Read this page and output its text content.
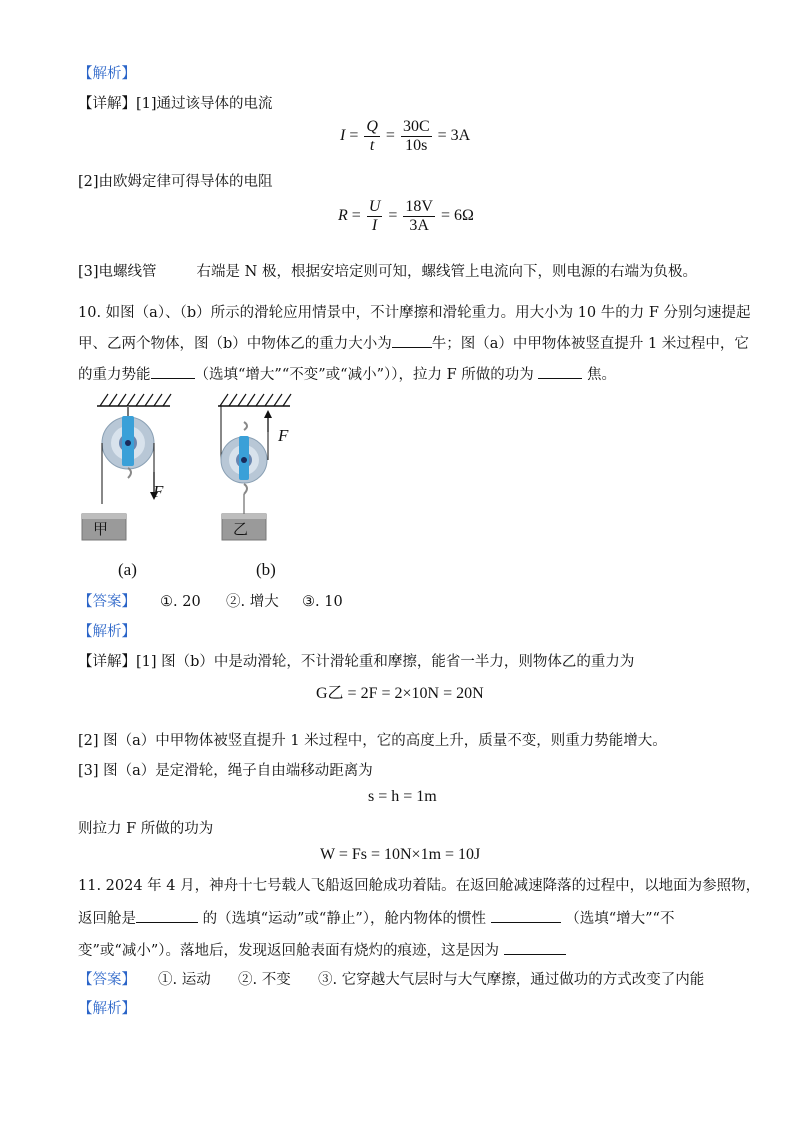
【解析】
【详解】[1]通过该导体的电流
$I = \frac{Q}{t} = \frac{30C}{10s} = 3A$
[2]由欧姆定律可得导体的电阻
$R = \frac{U}{I} = \frac{18V}{3A} = 6\Omega$
[3]电螺线管	右端是 N 极，根据安培定则可知，螺线管上电流向下，则电源的右端为负极。
10. 如图（a）、（b）所示的滑轮应用情景中，不计摩擦和滑轮重力。用大小为 10 牛的力 F 分别匀速提起
甲、乙两个物体，图（b）中物体乙的重力大小为	牛；图（a）中甲物体被竖直提升 1 米过程中，它
的重力势能	（选填“增大”“不变”或“减小”）），拉力 F 所做的功为	焦。
F
F
甲	乙
(a)	(b)
【答案】 ①. 20 ②. 增大 ③. 10
【解析】
【详解】[1] 图（b）中是动滑轮，不计滑轮重和摩擦，能省一半力，则物体乙的重力为
G乙 = 2F = 2×10N = 20N
[2] 图（a）中甲物体被竖直提升 1 米过程中，它的高度上升，质量不变，则重力势能增大。
[3] 图（a）是定滑轮，绳子自由端移动距离为
s = h = 1m
则拉力 F 所做的功为
W = Fs = 10N×1m = 10J
11. 2024 年 4 月，神舟十七号载人飞船返回舱成功着陆。在返回舱减速降落的过程中，以地面为参照物，
返回舱是	的（选填“运动”或“静止”），舱内物体的惯性	（选填“增大”“不
变”或“减小”）。落地后，发现返回舱表面有烧灼的痕迹，这是因为
【答案】 ①. 运动 ②. 不变 ③. 它穿越大气层时与大气摩擦，通过做功的方式改变了内能
【解析】
